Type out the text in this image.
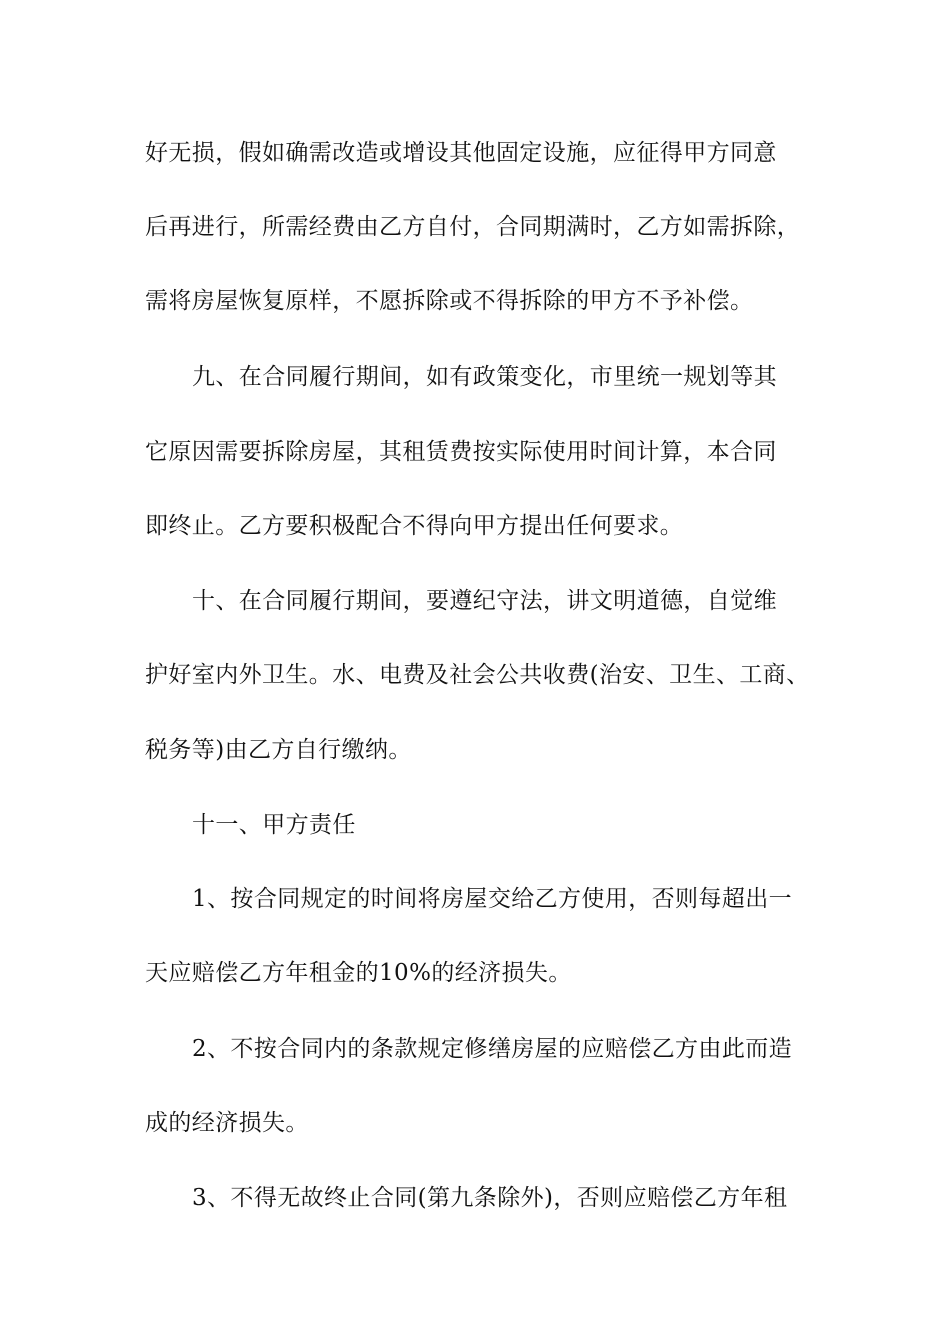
好无损，假如确需改造或增设其他固定设施，应征得甲方同意
后再进行，所需经费由乙方自付，合同期满时，乙方如需拆除，
需将房屋恢复原样，不愿拆除或不得拆除的甲方不予补偿。
九、在合同履行期间，如有政策变化，市里统一规划等其
它原因需要拆除房屋，其租赁费按实际使用时间计算，本合同
即终止。乙方要积极配合不得向甲方提出任何要求。
十、在合同履行期间，要遵纪守法，讲文明道德，自觉维
护好室内外卫生。水、电费及社会公共收费(治安、卫生、工商、
税务等)由乙方自行缴纳。
十一、甲方责任
1、按合同规定的时间将房屋交给乙方使用，否则每超出一
天应赔偿乙方年租金的10%的经济损失。
2、不按合同内的条款规定修缮房屋的应赔偿乙方由此而造
成的经济损失。
3、不得无故终止合同(第九条除外)，否则应赔偿乙方年租
